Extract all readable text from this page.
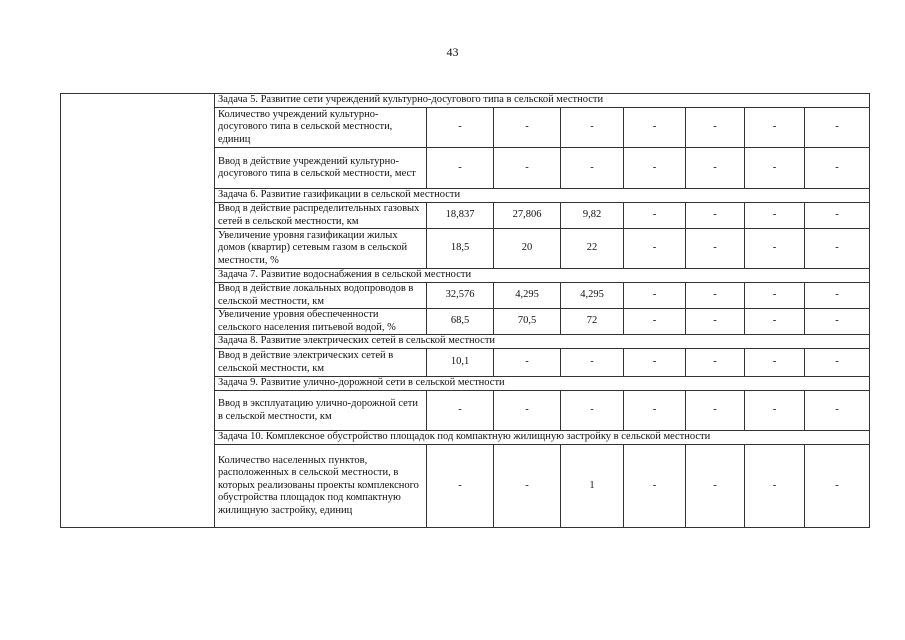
43
	Задача 5. Развитие сети учреждений культурно-досугового типа в сельской местности							
	Количество учреждений культурно-досугового типа в сельской местности, единиц	-	-	-	-	-	-	-
	Ввод в действие учреждений культурно-досугового типа в сельской местности, мест	-	-	-	-	-	-	-
	Задача 6. Развитие газификации в сельской местности							
	Ввод в действие распределительных газовых сетей в сельской местности, км	18,837	27,806	9,82	-	-	-	-
	Увеличение уровня газификации жилых домов (квартир) сетевым газом в сельской местности, %	18,5	20	22	-	-	-	-
	Задача 7. Развитие водоснабжения в сельской местности							
	Ввод в действие локальных водопроводов в сельской местности, км	32,576	4,295	4,295	-	-	-	-
	Увеличение уровня обеспеченности сельского населения питьевой водой, %	68,5	70,5	72	-	-	-	-
	Задача 8. Развитие электрических сетей в сельской местности							
	Ввод в действие электрических сетей в сельской местности, км	10,1	-	-	-	-	-	-
	Задача 9. Развитие улично-дорожной сети в сельской местности							
	Ввод в эксплуатацию улично-дорожной сети в сельской местности, км	-	-	-	-	-	-	-
	Задача 10. Комплексное обустройство площадок под компактную жилищную застройку в сельской местности							
	Количество населенных пунктов, расположенных в сельской местности, в которых реализованы проекты комплексного обустройства площадок под компактную жилищную застройку, единиц	-	-	1	-	-	-	-
